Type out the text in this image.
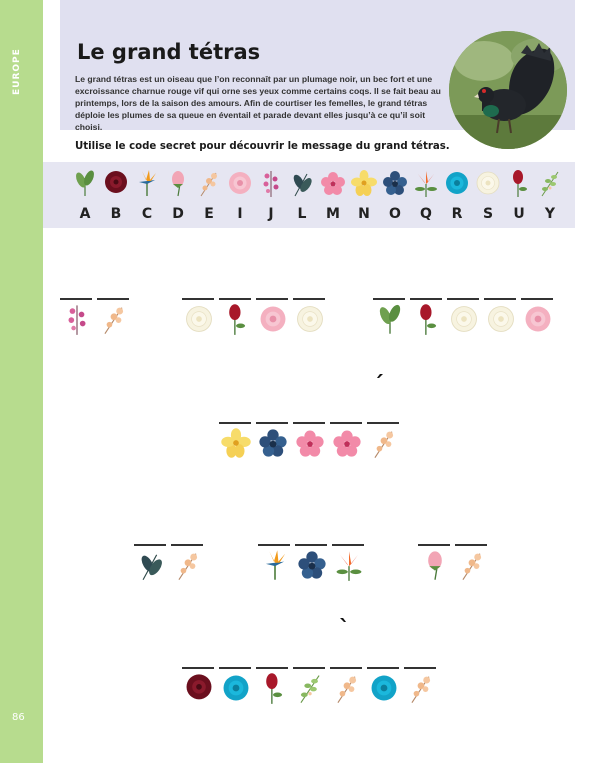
EUROPE
86
Le grand tétras
Le grand tétras est un oiseau que l’on reconnaît par un plumage noir, un bec fort et une excroissance charnue rouge vif qui orne ses yeux comme certains coqs. Il se fait beau au printemps, lors de la saison des amours. Afin de courtiser les femelles, le grand tétras déploie les plumes de sa queue en éventail et parade devant elles jusqu’à ce qu’il soit choisi.
Utilise le code secret pour découvrir le message du grand tétras.
A	B	C	D	E	I	J	L	M	N	O	Q	R	S	U	Y
´
`
